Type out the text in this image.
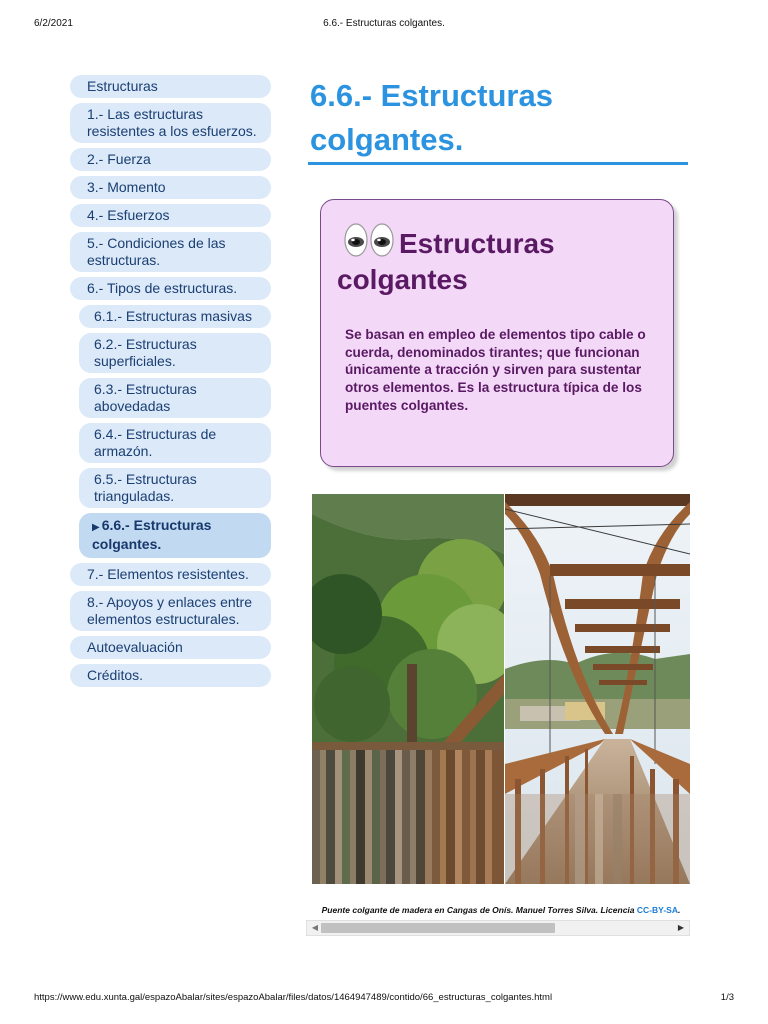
6/2/2021	6.6.- Estructuras colgantes.
Estructuras
1.- Las estructuras resistentes a los esfuerzos.
2.- Fuerza
3.- Momento
4.- Esfuerzos
5.- Condiciones de las estructuras.
6.- Tipos de estructuras.
6.1.- Estructuras masivas
6.2.- Estructuras superficiales.
6.3.- Estructuras abovedadas
6.4.- Estructuras de armazón.
6.5.- Estructuras trianguladas.
▶ 6.6.- Estructuras colgantes.
7.- Elementos resistentes.
8.- Apoyos y enlaces entre elementos estructurales.
Autoevaluación
Créditos.
6.6.- Estructuras colgantes.
Estructuras colgantes

Se basan en empleo de elementos tipo cable o cuerda, denominados tirantes; que funcionan únicamente a tracción y sirven para sustentar otros elementos. Es la estructura típica de los puentes colgantes.

Puente colgante de madera en Cangas de Onís. Manuel Torres Silva. Licencia CC-BY-SA.
◀	▶
https://www.edu.xunta.gal/espazoAbalar/sites/espazoAbalar/files/datos/1464947489/contido/66_estructuras_colgantes.html	1/3
